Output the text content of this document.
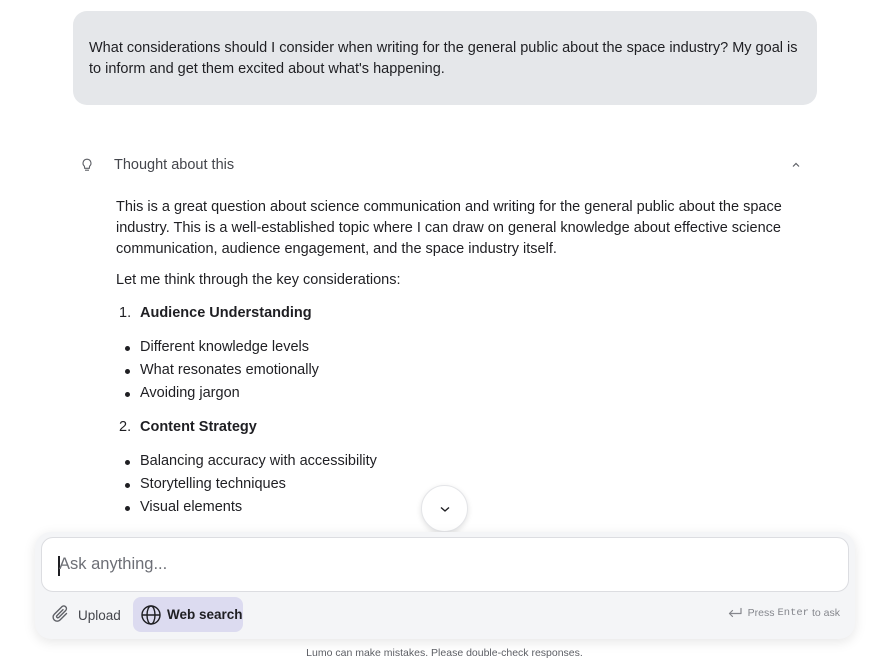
What considerations should I consider when writing for the general public about the space industry? My goal is to inform and get them excited about what's happening.
Thought about this

This is a great question about science communication and writing for the general public about the space industry. This is a well-established topic where I can draw on general knowledge about effective science communication, audience engagement, and the space industry itself.

Let me think through the key considerations:

1. Audience Understanding
Different knowledge levels
What resonates emotionally
Avoiding jargon
2. Content Strategy
Balancing accuracy with accessibility
Storytelling techniques
Visual elements
Ask anything...
Upload	Web search	Press Enter to ask
Lumo can make mistakes. Please double-check responses.
